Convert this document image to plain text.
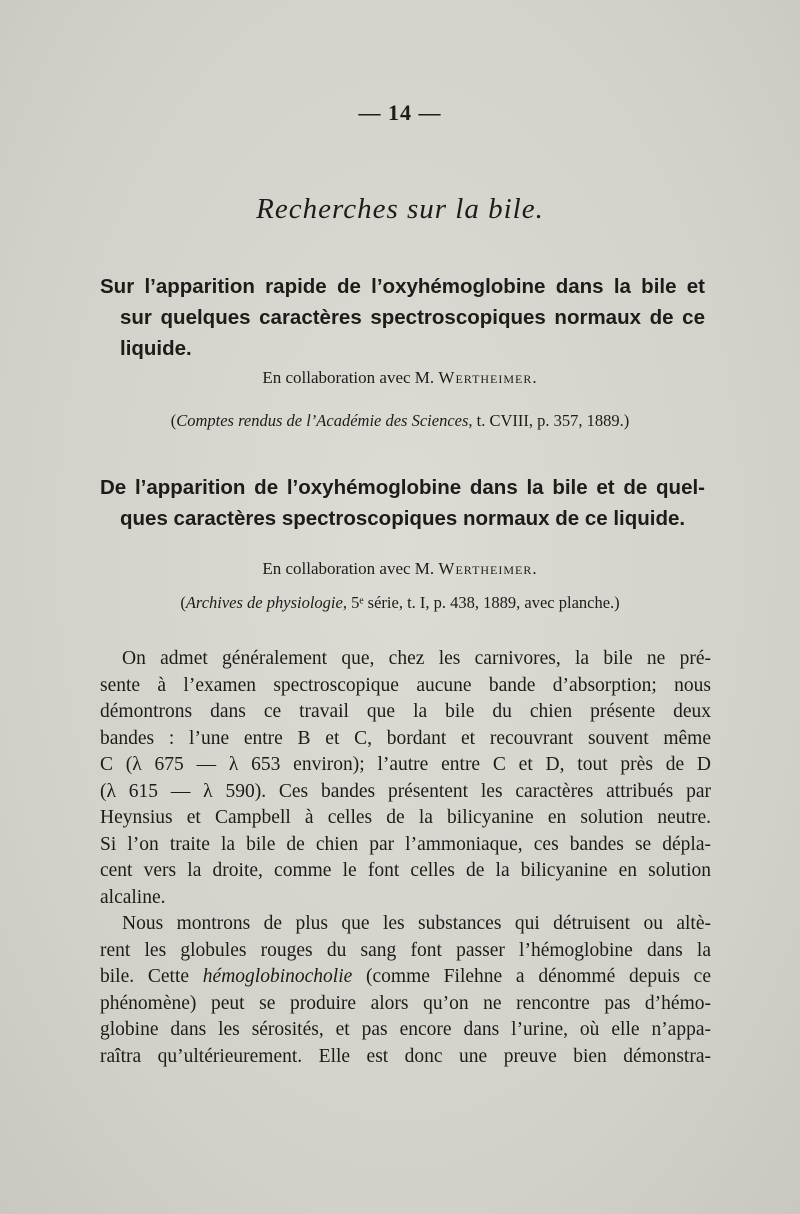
— 14 —
Recherches sur la bile.
Sur l’apparition rapide de l’oxyhémoglobine dans la bile et
sur quelques caractères spectroscopiques normaux de ce
liquide.
En collaboration avec M. Wertheimer.
(Comptes rendus de l’Académie des Sciences, t. CVIII, p. 357, 1889.)
De l’apparition de l’oxyhémoglobine dans la bile et de quel-
ques caractères spectroscopiques normaux de ce liquide.
En collaboration avec M. Wertheimer.
(Archives de physiologie, 5ᵉ série, t. I, p. 438, 1889, avec planche.)
On admet généralement que, chez les carnivores, la bile ne pré-
sente à l’examen spectroscopique aucune bande d’absorption; nous
démontrons dans ce travail que la bile du chien présente deux
bandes : l’une entre B et C, bordant et recouvrant souvent même
C (λ 675 — λ 653 environ); l’autre entre C et D, tout près de D
(λ 615 — λ 590). Ces bandes présentent les caractères attribués par
Heynsius et Campbell à celles de la bilicyanine en solution neutre.
Si l’on traite la bile de chien par l’ammoniaque, ces bandes se dépla-
cent vers la droite, comme le font celles de la bilicyanine en solution
alcaline.
Nous montrons de plus que les substances qui détruisent ou altè-
rent les globules rouges du sang font passer l’hémoglobine dans la
bile. Cette hémoglobinocholie (comme Filehne a dénommé depuis ce
phénomène) peut se produire alors qu’on ne rencontre pas d’hémo-
globine dans les sérosités, et pas encore dans l’urine, où elle n’appa-
raîtra qu’ultérieurement. Elle est donc une preuve bien démonstra-
